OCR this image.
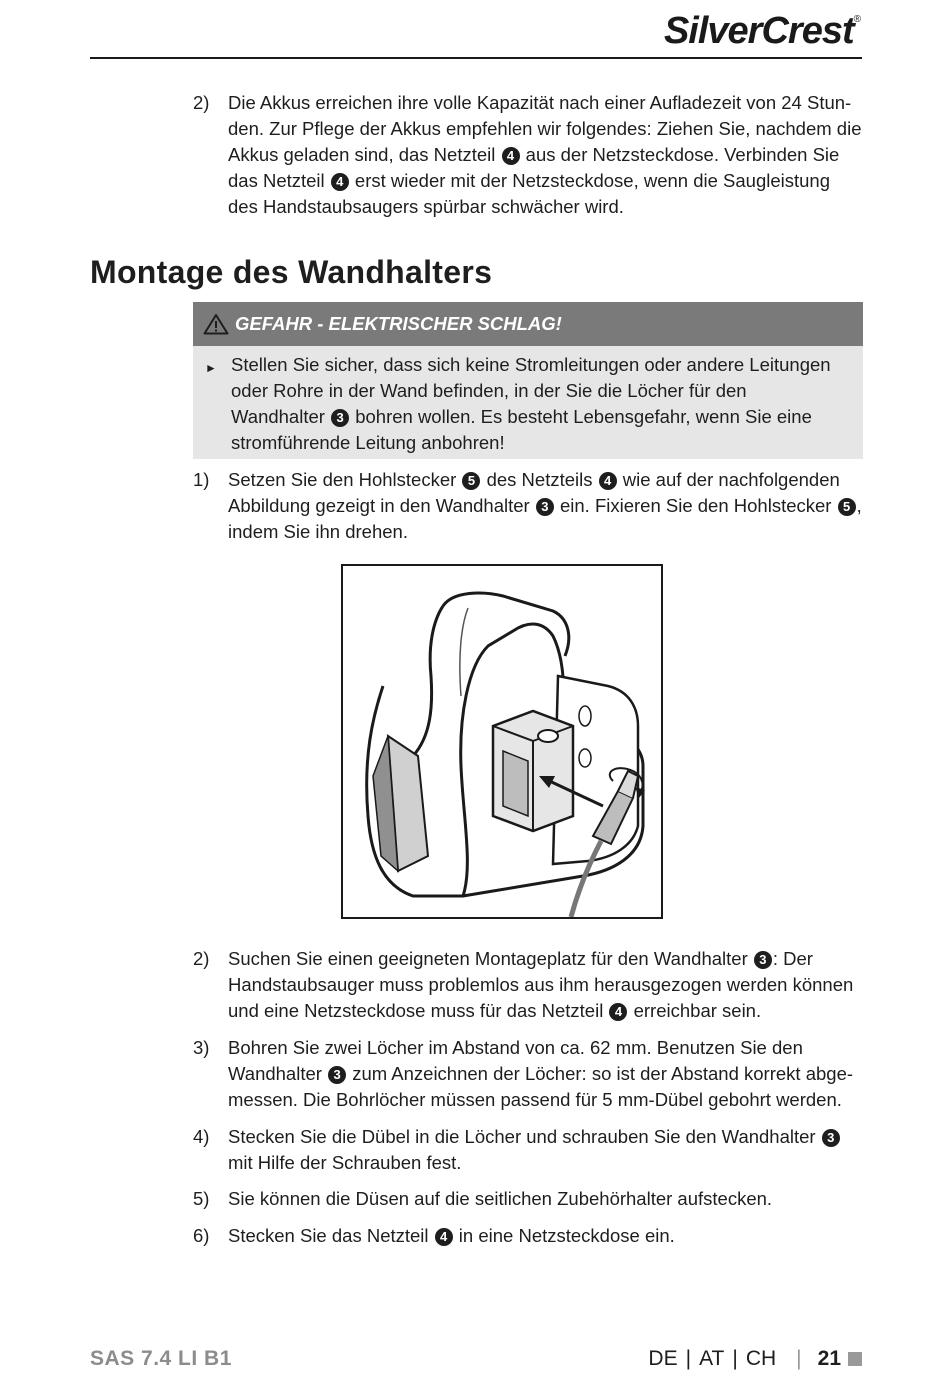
SilverCrest®
2)	Die Akkus erreichen ihre volle Kapazität nach einer Aufladezeit von 24 Stun- den. Zur Pflege der Akkus empfehlen wir folgendes: Ziehen Sie, nachdem die Akkus geladen sind, das Netzteil 4 aus der Netzsteckdose. Verbinden Sie das Netzteil 4 erst wieder mit der Netzsteckdose, wenn die Saugleistung des Handstaubsaugers spürbar schwächer wird.
Montage des Wandhalters
GEFAHR - ELEKTRISCHER SCHLAG!
► Stellen Sie sicher, dass sich keine Stromleitungen oder andere Leitungen oder Rohre in der Wand befinden, in der Sie die Löcher für den Wandhalter 3 bohren wollen. Es besteht Lebensgefahr, wenn Sie eine stromführende Leitung anbohren!
1)	Setzen Sie den Hohlstecker 5 des Netzteils 4 wie auf der nachfolgenden Abbildung gezeigt in den Wandhalter 3 ein. Fixieren Sie den Hohlstecker 5 , indem Sie ihn drehen.
2)	Suchen Sie einen geeigneten Montageplatz für den Wandhalter 3 : Der Handstaubsauger muss problemlos aus ihm herausgezogen werden können und eine Netzsteckdose muss für das Netzteil 4 erreichbar sein.
3)	Bohren Sie zwei Löcher im Abstand von ca. 62 mm. Benutzen Sie den Wandhalter 3 zum Anzeichnen der Löcher: so ist der Abstand korrekt abge- messen. Die Bohrlöcher müssen passend für 5 mm-Dübel gebohrt werden.
4)	Stecken Sie die Dübel in die Löcher und schrauben Sie den Wandhalter 3 mit Hilfe der Schrauben fest.
5)	Sie können die Düsen auf die seitlichen Zubehörhalter aufstecken.
6)	Stecken Sie das Netzteil 4 in eine Netzsteckdose ein.
SAS 7.4 LI B1	DE | AT | CH | 21
